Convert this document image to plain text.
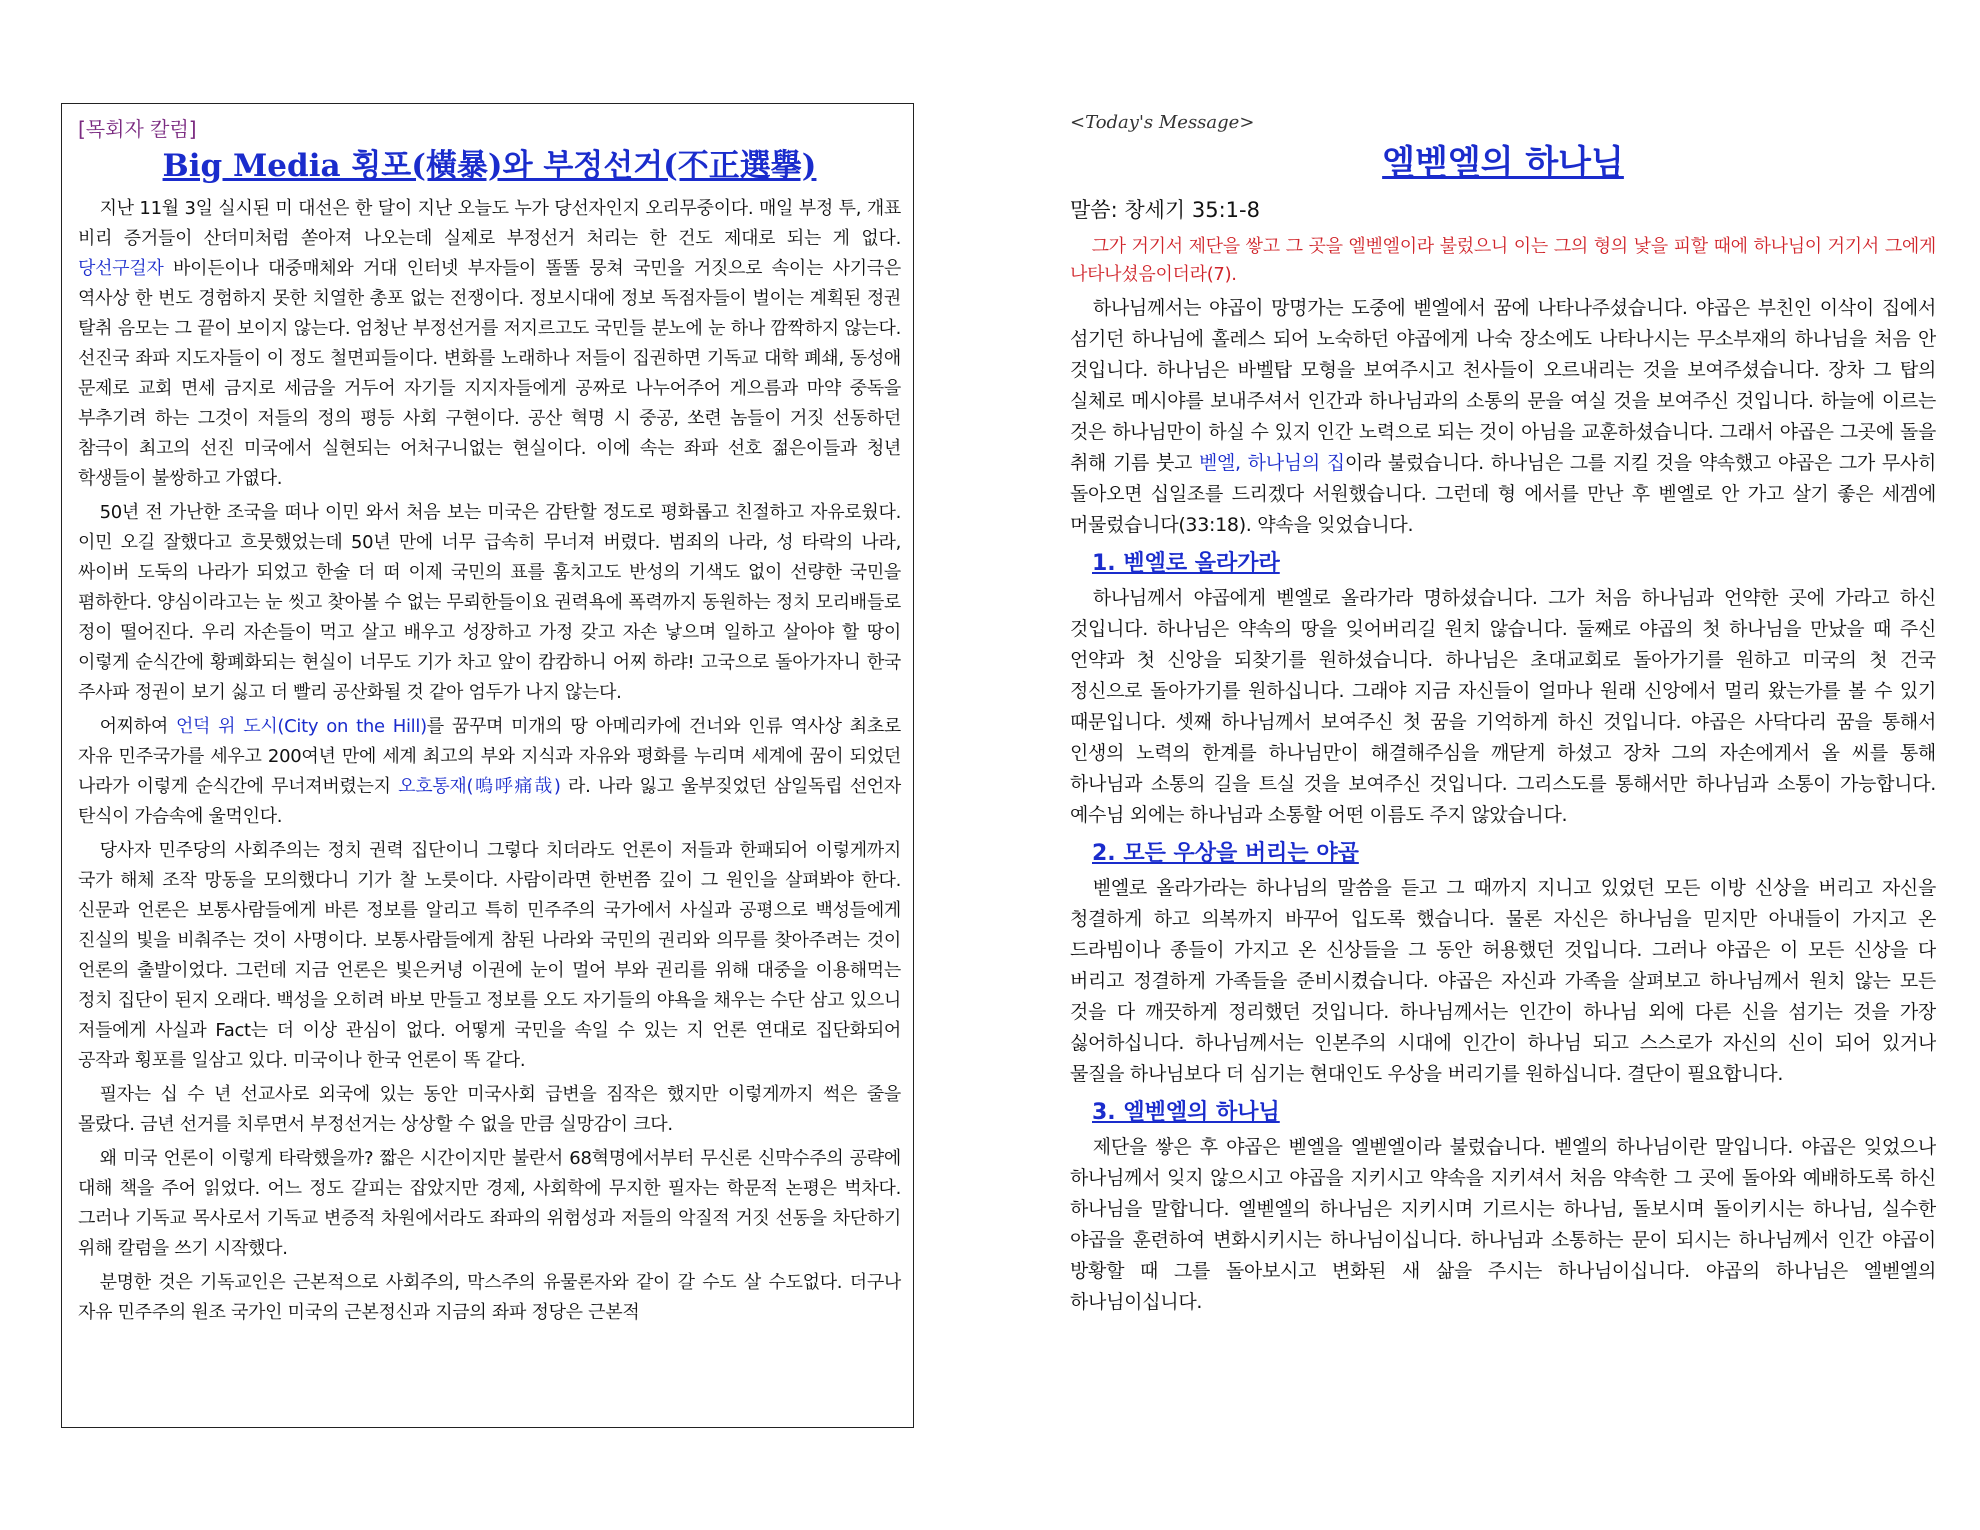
[목회자 칼럼]
Big Media 횡포(橫暴)와 부정선거(不正選擧)

지난 11월 3일 실시된 미 대선은 한 달이 지난 오늘도 누가 당선자인지 오리무중이다. 매일 부정 투, 개표 비리 증거들이 산더미처럼 쏟아져 나오는데 실제로 부정선거 처리는 한 건도 제대로 되는 게 없다. 당선구걸자 바이든이나 대중매체와 거대 인터넷 부자들이 똘똘 뭉쳐 국민을 거짓으로 속이는 사기극은 역사상 한 번도 경험하지 못한 치열한 총포 없는 전쟁이다. 정보시대에 정보 독점자들이 벌이는 계획된 정권 탈취 음모는 그 끝이 보이지 않는다. 엄청난 부정선거를 저지르고도 국민들 분노에 눈 하나 깜짝하지 않는다. 선진국 좌파 지도자들이 이 정도 철면피들이다. 변화를 노래하나 저들이 집권하면 기독교 대학 폐쇄, 동성애 문제로 교회 면세 금지로 세금을 거두어 자기들 지지자들에게 공짜로 나누어주어 게으름과 마약 중독을 부추기려 하는 그것이 저들의 정의 평등 사회 구현이다. 공산 혁명 시 중공, 쏘련 놈들이 거짓 선동하던 참극이 최고의 선진 미국에서 실현되는 어처구니없는 현실이다. 이에 속는 좌파 선호 젊은이들과 청년 학생들이 불쌍하고 가엾다.

50년 전 가난한 조국을 떠나 이민 와서 처음 보는 미국은 감탄할 정도로 평화롭고 친절하고 자유로웠다. 이민 오길 잘했다고 흐뭇했었는데 50년 만에 너무 급속히 무너져 버렸다. 범죄의 나라, 성 타락의 나라, 싸이버 도둑의 나라가 되었고 한술 더 떠 이제 국민의 표를 훔치고도 반성의 기색도 없이 선량한 국민을 폄하한다. 양심이라고는 눈 씻고 찾아볼 수 없는 무뢰한들이요 권력욕에 폭력까지 동원하는 정치 모리배들로 정이 떨어진다. 우리 자손들이 먹고 살고 배우고 성장하고 가정 갖고 자손 낳으며 일하고 살아야 할 땅이 이렇게 순식간에 황폐화되는 현실이 너무도 기가 차고 앞이 캄캄하니 어찌 하랴! 고국으로 돌아가자니 한국 주사파 정권이 보기 싫고 더 빨리 공산화될 것 같아 엄두가 나지 않는다.

어찌하여 언덕 위 도시(City on the Hill)를 꿈꾸며 미개의 땅 아메리카에 건너와 인류 역사상 최초로 자유 민주국가를 세우고 200여년 만에 세계 최고의 부와 지식과 자유와 평화를 누리며 세계에 꿈이 되었던 나라가 이렇게 순식간에 무너져버렸는지 오호통재(嗚呼痛哉) 라. 나라 잃고 울부짖었던 삼일독립 선언자 탄식이 가슴속에 울먹인다.

당사자 민주당의 사회주의는 정치 권력 집단이니 그렇다 치더라도 언론이 저들과 한패되어 이렇게까지 국가 해체 조작 망동을 모의했다니 기가 찰 노릇이다. 사람이라면 한번쯤 깊이 그 원인을 살펴봐야 한다. 신문과 언론은 보통사람들에게 바른 정보를 알리고 특히 민주주의 국가에서 사실과 공평으로 백성들에게 진실의 빛을 비춰주는 것이 사명이다. 보통사람들에게 참된 나라와 국민의 권리와 의무를 찾아주려는 것이 언론의 출발이었다. 그런데 지금 언론은 빛은커녕 이권에 눈이 멀어 부와 권리를 위해 대중을 이용해먹는 정치 집단이 된지 오래다. 백성을 오히려 바보 만들고 정보를 오도 자기들의 야욕을 채우는 수단 삼고 있으니 저들에게 사실과 Fact는 더 이상 관심이 없다. 어떻게 국민을 속일 수 있는 지 언론 연대로 집단화되어 공작과 횡포를 일삼고 있다. 미국이나 한국 언론이 똑 같다.

필자는 십 수 년 선교사로 외국에 있는 동안 미국사회 급변을 짐작은 했지만 이렇게까지 썩은 줄을 몰랐다. 금년 선거를 치루면서 부정선거는 상상할 수 없을 만큼 실망감이 크다.

왜 미국 언론이 이렇게 타락했을까? 짧은 시간이지만 불란서 68혁명에서부터 무신론 신막수주의 공략에 대해 책을 주어 읽었다. 어느 정도 갈피는 잡았지만 경제, 사회학에 무지한 필자는 학문적 논평은 벅차다. 그러나 기독교 목사로서 기독교 변증적 차원에서라도 좌파의 위험성과 저들의 악질적 거짓 선동을 차단하기 위해 칼럼을 쓰기 시작했다.

분명한 것은 기독교인은 근본적으로 사회주의, 막스주의 유물론자와 같이 갈 수도 살 수도없다. 더구나 자유 민주주의 원조 국가인 미국의 근본정신과 지금의 좌파 정당은 근본적

<Today's Message>
엘벧엘의 하나님
말씀: 창세기 35:1-8

그가 거기서 제단을 쌓고 그 곳을 엘벧엘이라 불렀으니 이는 그의 형의 낯을 피할 때에 하나님이 거기서 그에게 나타나셨음이더라(7).

하나님께서는 야곱이 망명가는 도중에 벧엘에서 꿈에 나타나주셨습니다. 야곱은 부친인 이삭이 집에서 섬기던 하나님에 홀레스 되어 노숙하던 야곱에게 나숙 장소에도 나타나시는 무소부재의 하나님을 처음 안 것입니다. 하나님은 바벨탑 모형을 보여주시고 천사들이 오르내리는 것을 보여주셨습니다. 장차 그 탑의 실체로 메시야를 보내주셔서 인간과 하나님과의 소통의 문을 여실 것을 보여주신 것입니다. 하늘에 이르는 것은 하나님만이 하실 수 있지 인간 노력으로 되는 것이 아님을 교훈하셨습니다. 그래서 야곱은 그곳에 돌을 취해 기름 붓고 벧엘, 하나님의 집이라 불렀습니다. 하나님은 그를 지킬 것을 약속했고 야곱은 그가 무사히 돌아오면 십일조를 드리겠다 서원했습니다. 그런데 형 에서를 만난 후 벧엘로 안 가고 살기 좋은 세겜에 머물렀습니다(33:18). 약속을 잊었습니다.

1. 벧엘로 올라가라

하나님께서 야곱에게 벧엘로 올라가라 명하셨습니다. 그가 처음 하나님과 언약한 곳에 가라고 하신 것입니다. 하나님은 약속의 땅을 잊어버리길 원치 않습니다. 둘째로 야곱의 첫 하나님을 만났을 때 주신 언약과 첫 신앙을 되찾기를 원하셨습니다. 하나님은 초대교회로 돌아가기를 원하고 미국의 첫 건국 정신으로 돌아가기를 원하십니다. 그래야 지금 자신들이 얼마나 원래 신앙에서 멀리 왔는가를 볼 수 있기 때문입니다. 셋째 하나님께서 보여주신 첫 꿈을 기억하게 하신 것입니다. 야곱은 사닥다리 꿈을 통해서 인생의 노력의 한계를 하나님만이 해결해주심을 깨닫게 하셨고 장차 그의 자손에게서 올 씨를 통해 하나님과 소통의 길을 트실 것을 보여주신 것입니다. 그리스도를 통해서만 하나님과 소통이 가능합니다. 예수님 외에는 하나님과 소통할 어떤 이름도 주지 않았습니다.

2. 모든 우상을 버리는 야곱

벧엘로 올라가라는 하나님의 말씀을 듣고 그 때까지 지니고 있었던 모든 이방 신상을 버리고 자신을 청결하게 하고 의복까지 바꾸어 입도록 했습니다. 물론 자신은 하나님을 믿지만 아내들이 가지고 온 드라빔이나 종들이 가지고 온 신상들을 그 동안 허용했던 것입니다. 그러나 야곱은 이 모든 신상을 다 버리고 정결하게 가족들을 준비시켰습니다. 야곱은 자신과 가족을 살펴보고 하나님께서 원치 않는 모든 것을 다 깨끗하게 정리했던 것입니다. 하나님께서는 인간이 하나님 외에 다른 신을 섬기는 것을 가장 싫어하십니다. 하나님께서는 인본주의 시대에 인간이 하나님 되고 스스로가 자신의 신이 되어 있거나 물질을 하나님보다 더 심기는 현대인도 우상을 버리기를 원하십니다. 결단이 필요합니다.

3. 엘벧엘의 하나님

제단을 쌓은 후 야곱은 벧엘을 엘벧엘이라 불렀습니다. 벧엘의 하나님이란 말입니다. 야곱은 잊었으나 하나님께서 잊지 않으시고 야곱을 지키시고 약속을 지키셔서 처음 약속한 그 곳에 돌아와 예배하도록 하신 하나님을 말합니다. 엘벧엘의 하나님은 지키시며 기르시는 하나님, 돌보시며 돌이키시는 하나님, 실수한 야곱을 훈련하여 변화시키시는 하나님이십니다. 하나님과 소통하는 문이 되시는 하나님께서 인간 야곱이 방황할 때 그를 돌아보시고 변화된 새 삶을 주시는 하나님이십니다. 야곱의 하나님은 엘벧엘의 하나님이십니다.
